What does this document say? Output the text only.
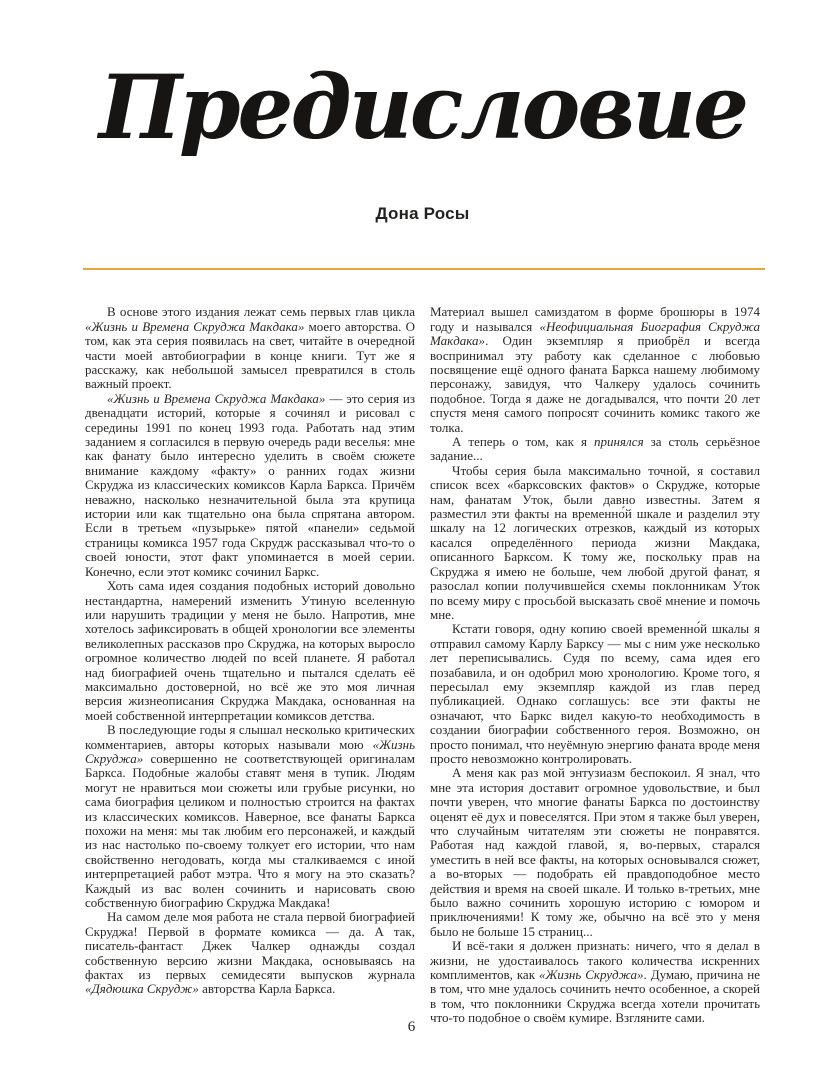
Предисловие
Дона Росы

В основе этого издания лежат семь первых глав цикла «Жизнь и Времена Скруджа Макдака» моего авторства. О том, как эта серия появилась на свет, читайте в очередной части моей автобиографии в конце книги. Тут же я расскажу, как небольшой замысел превратился в столь важный проект.

«Жизнь и Времена Скруджа Макдака» — это серия из двенадцати историй, которые я сочинял и рисовал с середины 1991 по конец 1993 года. Работать над этим заданием я согласился в первую очередь ради веселья: мне как фанату было интересно уделить в своём сюжете внимание каждому «факту» о ранних годах жизни Скруджа из классических комиксов Карла Баркса. Причём неважно, насколько незначительной была эта крупица истории или как тщательно она была спрятана автором. Если в третьем «пузырьке» пятой «панели» седьмой страницы комикса 1957 года Скрудж рассказывал что-то о своей юности, этот факт упоминается в моей серии. Конечно, если этот комикс сочинил Баркс.

Хоть сама идея создания подобных историй довольно нестандартна, намерений изменить Утиную вселенную или нарушить традиции у меня не было. Напротив, мне хотелось зафиксировать в общей хронологии все элементы великолепных рассказов про Скруджа, на которых выросло огромное количество людей по всей планете. Я работал над биографией очень тщательно и пытался сделать её максимально достоверной, но всё же это моя личная версия жизнеописания Скруджа Макдака, основанная на моей собственной интерпретации комиксов детства.

В последующие годы я слышал несколько критических комментариев, авторы которых называли мою «Жизнь Скруджа» совершенно не соответствующей оригиналам Баркса. Подобные жалобы ставят меня в тупик. Людям могут не нравиться мои сюжеты или грубые рисунки, но сама биография целиком и полностью строится на фактах из классических комиксов. Наверное, все фанаты Баркса похожи на меня: мы так любим его персонажей, и каждый из нас настолько по-своему толкует его истории, что нам свойственно негодовать, когда мы сталкиваемся с иной интерпретацией работ мэтра. Что я могу на это сказать? Каждый из вас волен сочинить и нарисовать свою собственную биографию Скруджа Макдака!

На самом деле моя работа не стала первой биографией Скруджа! Первой в формате комикса — да. А так, писатель-фантаст Джек Чалкер однажды создал собственную версию жизни Макдака, основываясь на фактах из первых семидесяти выпусков журнала «Дядюшка Скрудж» авторства Карла Баркса.

Материал вышел самиздатом в форме брошюры в 1974 году и назывался «Неофициальная Биография Скруджа Макдака». Один экземпляр я приобрёл и всегда воспринимал эту работу как сделанное с любовью посвящение ещё одного фаната Баркса нашему любимому персонажу, завидуя, что Чалкеру удалось сочинить подобное. Тогда я даже не догадывался, что почти 20 лет спустя меня самого попросят сочинить комикс такого же толка.

А теперь о том, как я принялся за столь серьёзное задание...

Чтобы серия была максимально точной, я составил список всех «барксовских фактов» о Скрудже, которые нам, фанатам Уток, были давно известны. Затем я разместил эти факты на временно́й шкале и разделил эту шкалу на 12 логических отрезков, каждый из которых касался определённого периода жизни Макдака, описанного Барксом. К тому же, поскольку прав на Скруджа я имею не больше, чем любой другой фанат, я разослал копии получившейся схемы поклонникам Уток по всему миру с просьбой высказать своё мнение и помочь мне.

Кстати говоря, одну копию своей временно́й шкалы я отправил самому Карлу Барксу — мы с ним уже несколько лет переписывались. Судя по всему, сама идея его позабавила, и он одобрил мою хронологию. Кроме того, я пересылал ему экземпляр каждой из глав перед публикацией. Однако соглашусь: все эти факты не означают, что Баркс видел какую-то необходимость в создании биографии собственного героя. Возможно, он просто понимал, что неуёмную энергию фаната вроде меня просто невозможно контролировать.

А меня как раз мой энтузиазм беспокоил. Я знал, что мне эта история доставит огромное удовольствие, и был почти уверен, что многие фанаты Баркса по достоинству оценят её дух и повеселятся. При этом я также был уверен, что случайным читателям эти сюжеты не понравятся. Работая над каждой главой, я, во-первых, старался уместить в ней все факты, на которых основывался сюжет, а во-вторых — подобрать ей правдоподобное место действия и время на своей шкале. И только в-третьих, мне было важно сочинить хорошую историю с юмором и приключениями! К тому же, обычно на всё это у меня было не больше 15 страниц...

И всё-таки я должен признать: ничего, что я делал в жизни, не удостаивалось такого количества искренних комплиментов, как «Жизнь Скруджа». Думаю, причина не в том, что мне удалось сочинить нечто особенное, а скорей в том, что поклонники Скруджа всегда хотели прочитать что-то подобное о своём кумире. Взгляните сами.

6
